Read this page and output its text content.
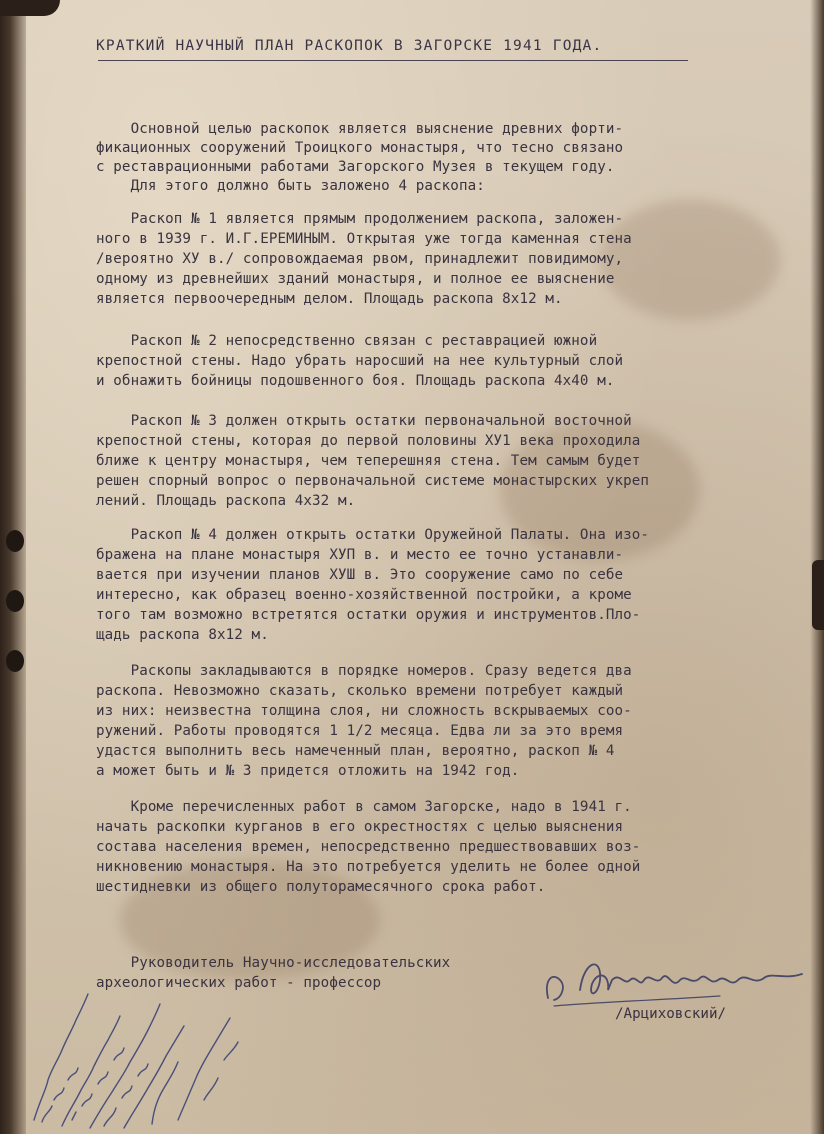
КРАТКИЙ НАУЧНЫЙ ПЛАН РАСКОПОК В ЗАГОРСКЕ 1941 ГОДА.
Основной целью раскопок является выяснение древних форти-
фикационных сооружений Троицкого монастыря, что тесно связано
с реставрационными работами Загорского Музея в текущем году.
Для этого должно быть заложено 4 раскопа:
Раскоп № 1 является прямым продолжением раскопа, заложен-
ного в 1939 г. И.Г.ЕРЕМИНЫМ. Открытая уже тогда каменная стена
/вероятно ХУ в./ сопровождаемая рвом, принадлежит повидимому,
одному из древнейших зданий монастыря, и полное ее выяснение
является первоочередным делом. Площадь раскопа 8х12 м.
Раскоп № 2 непосредственно связан с реставрацией южной
крепостной стены. Надо убрать наросший на нее культурный слой
и обнажить бойницы подошвенного боя. Площадь раскопа 4х40 м.
Раскоп № 3 должен открыть остатки первоначальной восточной
крепостной стены, которая до первой половины ХУ1 века проходила
ближе к центру монастыря, чем теперешняя стена. Тем самым будет
решен спорный вопрос о первоначальной системе монастырских укреп
лений. Площадь раскопа 4х32 м.
Раскоп № 4 должен открыть остатки Оружейной Палаты. Она изо-
бражена на плане монастыря ХУП в. и место ее точно устанавли-
вается при изучении планов ХУШ в. Это сооружение само по себе
интересно, как образец военно-хозяйственной постройки, а кроме
того там возможно встретятся остатки оружия и инструментов.Пло-
щадь раскопа 8х12 м.
Раскопы закладываются в порядке номеров. Сразу ведется два
раскопа. Невозможно сказать, сколько времени потребует каждый
из них: неизвестна толщина слоя, ни сложность вскрываемых соо-
ружений. Работы проводятся 1 1/2 месяца. Едва ли за это время
удастся выполнить весь намеченный план, вероятно, раскоп № 4
а может быть и № 3 придется отложить на 1942 год.
Кроме перечисленных работ в самом Загорске, надо в 1941 г.
начать раскопки курганов в его окрестностях с целью выяснения
состава населения времен, непосредственно предшествовавших воз-
никновению монастыря. На это потребуется уделить не более одной
шестидневки из общего полуторамесячного срока работ.
Руководитель Научно-исследовательских
археологических работ - профессор
/Арциховский/
